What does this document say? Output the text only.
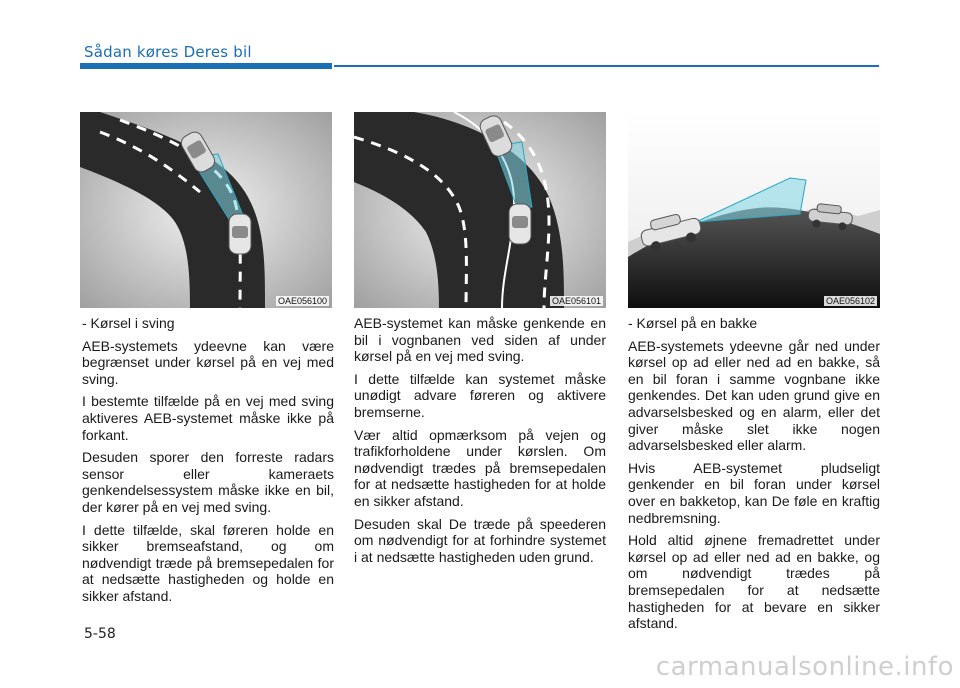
Sådan køres Deres bil
OAE056100	OAE056101	OAE056102

- Kørsel i sving

AEB-systemets ydeevne kan være begrænset under kørsel på en vej med sving.

I bestemte tilfælde på en vej med sving aktiveres AEB-systemet måske ikke på forkant.

Desuden sporer den forreste radars sensor eller kameraets genkendelsessystem måske ikke en bil, der kører på en vej med sving.

I dette tilfælde, skal føreren holde en sikker bremseafstand, og om nødvendigt træde på bremsepedalen for at nedsætte hastigheden og holde en sikker afstand.

AEB-systemet kan måske genkende en bil i vognbanen ved siden af under kørsel på en vej med sving.

I dette tilfælde kan systemet måske unødigt advare føreren og aktivere bremserne.

Vær altid opmærksom på vejen og trafikforholdene under kørslen. Om nødvendigt trædes på bremsepedalen for at nedsætte hastigheden for at holde en sikker afstand.

Desuden skal De træde på speederen om nødvendigt for at forhindre systemet i at nedsætte hastigheden uden grund.

- Kørsel på en bakke

AEB-systemets ydeevne går ned under kørsel op ad eller ned ad en bakke, så en bil foran i samme vognbane ikke genkendes. Det kan uden grund give en advarselsbesked og en alarm, eller det giver måske slet ikke nogen advarselsbesked eller alarm.

Hvis AEB-systemet pludseligt genkender en bil foran under kørsel over en bakketop, kan De føle en kraftig nedbremsning.

Hold altid øjnene fremadrettet under kørsel op ad eller ned ad en bakke, og om nødvendigt trædes på bremsepedalen for at nedsætte hastigheden for at bevare en sikker afstand.

5-58
carmanualsonline.info
